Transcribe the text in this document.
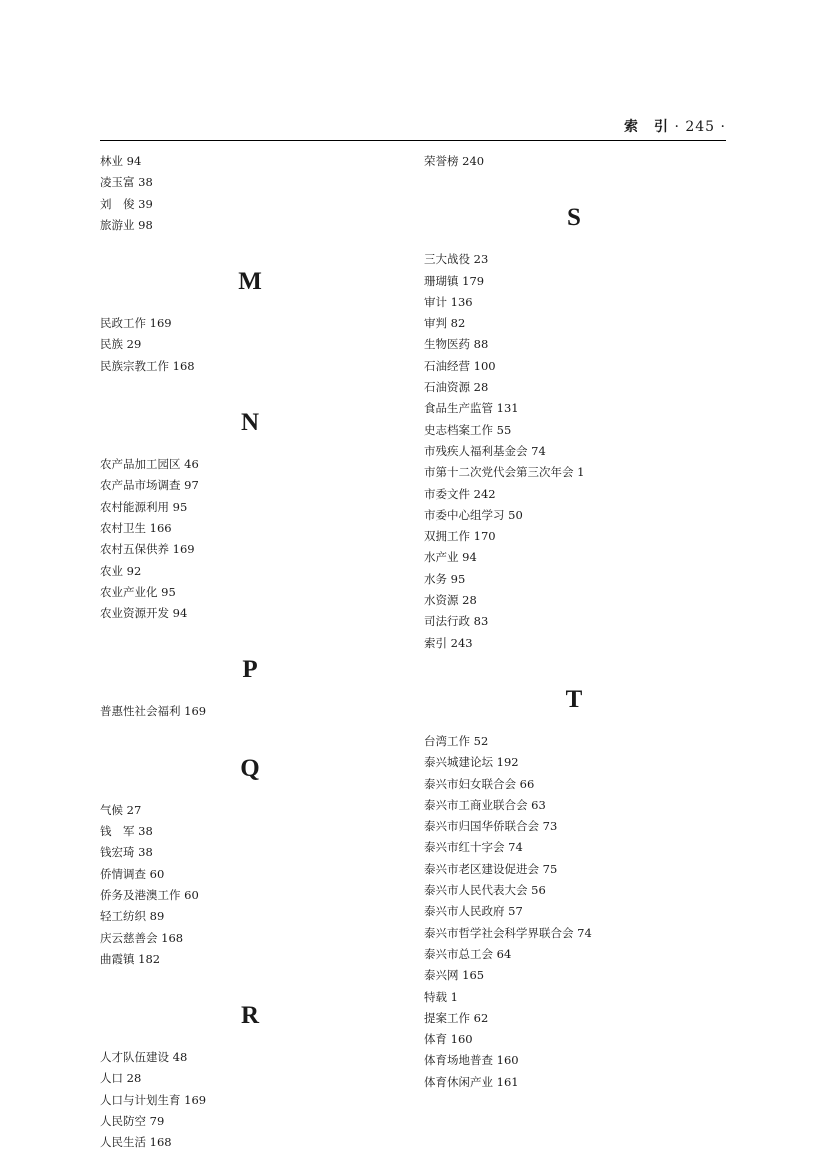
索　引 · 245 ·
林业 94
凌玉富 38
刘　俊 39
旅游业 98
M
民政工作 169
民族 29
民族宗教工作 168
N
农产品加工园区 46
农产品市场调查 97
农村能源利用 95
农村卫生 166
农村五保供养 169
农业 92
农业产业化 95
农业资源开发 94
P
普惠性社会福利 169
Q
气候 27
钱　军 38
钱宏琦 38
侨情调查 60
侨务及港澳工作 60
轻工纺织 89
庆云慈善会 168
曲霞镇 182
R
人才队伍建设 48
人口 28
人口与计划生育 169
人民防空 79
人民生活 168
荣誉榜 240
S
三大战役 23
珊瑚镇 179
审计 136
审判 82
生物医药 88
石油经营 100
石油资源 28
食品生产监管 131
史志档案工作 55
市残疾人福利基金会 74
市第十二次党代会第三次年会 1
市委文件 242
市委中心组学习 50
双拥工作 170
水产业 94
水务 95
水资源 28
司法行政 83
索引 243
T
台湾工作 52
泰兴城建论坛 192
泰兴市妇女联合会 66
泰兴市工商业联合会 63
泰兴市归国华侨联合会 73
泰兴市红十字会 74
泰兴市老区建设促进会 75
泰兴市人民代表大会 56
泰兴市人民政府 57
泰兴市哲学社会科学界联合会 74
泰兴市总工会 64
泰兴网 165
特载 1
提案工作 62
体育 160
体育场地普查 160
体育休闲产业 161
